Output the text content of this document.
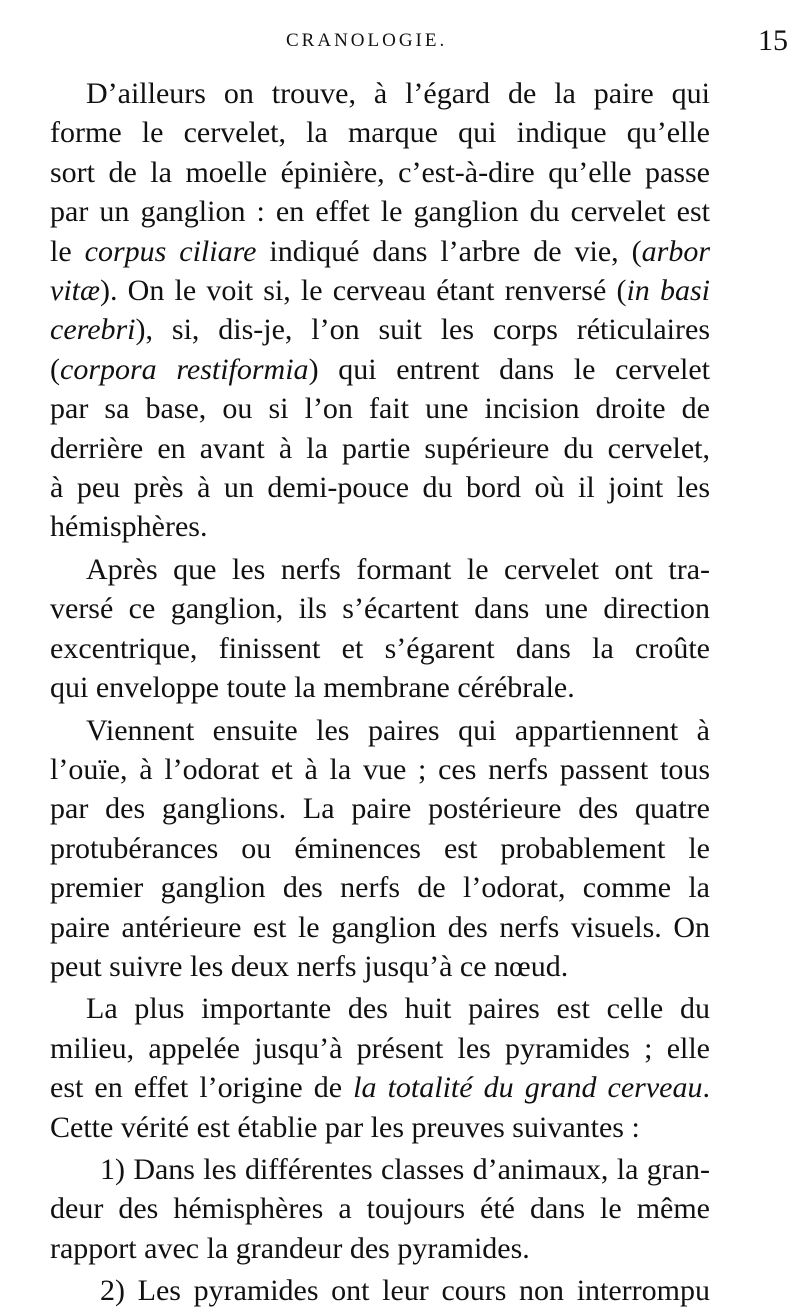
CRANOLOGIE.	15

D’ailleurs on trouve, à l’égard de la paire qui
forme le cervelet, la marque qui indique qu’elle
sort de la moelle épinière, c’est-à-dire qu’elle passe
par un ganglion : en effet le ganglion du cervelet est
le corpus ciliare indiqué dans l’arbre de vie, (arbor
vitæ). On le voit si, le cerveau étant renversé (in basi
cerebri), si, dis-je, l’on suit les corps réticulaires
(corpora restiformia) qui entrent dans le cervelet
par sa base, ou si l’on fait une incision droite de
derrière en avant à la partie supérieure du cervelet,
à peu près à un demi-pouce du bord où il joint les
hémisphères.

Après que les nerfs formant le cervelet ont tra-
versé ce ganglion, ils s’écartent dans une direction
excentrique, finissent et s’égarent dans la croûte
qui enveloppe toute la membrane cérébrale.

Viennent ensuite les paires qui appartiennent à
l’ouïe, à l’odorat et à la vue ; ces nerfs passent tous
par des ganglions. La paire postérieure des quatre
protubérances ou éminences est probablement le
premier ganglion des nerfs de l’odorat, comme la
paire antérieure est le ganglion des nerfs visuels. On
peut suivre les deux nerfs jusqu’à ce nœud.

La plus importante des huit paires est celle du
milieu, appelée jusqu’à présent les pyramides ; elle
est en effet l’origine de la totalité du grand cerveau.
Cette vérité est établie par les preuves suivantes :

1) Dans les différentes classes d’animaux, la gran-
deur des hémisphères a toujours été dans le même
rapport avec la grandeur des pyramides.

2) Les pyramides ont leur cours non interrompu
